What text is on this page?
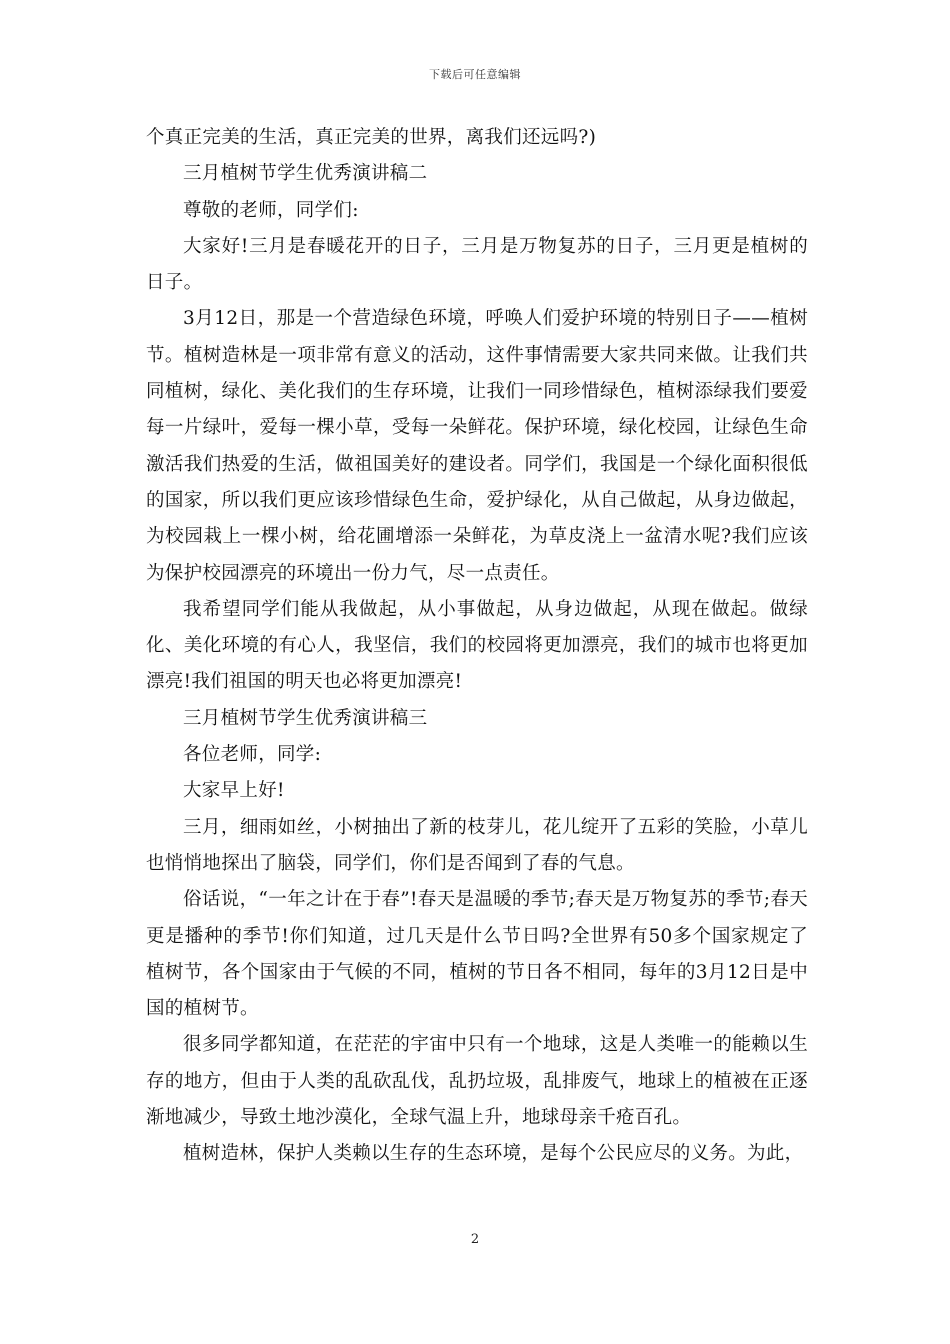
下载后可任意编辑

个真正完美的生活，真正完美的世界，离我们还远吗?)

三月植树节学生优秀演讲稿二

尊敬的老师，同学们:

大家好!三月是春暖花开的日子，三月是万物复苏的日子，三月更是植树的日子。

3月12日，那是一个营造绿色环境，呼唤人们爱护环境的特别日子——植树节。植树造林是一项非常有意义的活动，这件事情需要大家共同来做。让我们共同植树，绿化、美化我们的生存环境，让我们一同珍惜绿色，植树添绿我们要爱每一片绿叶，爱每一棵小草，受每一朵鲜花。保护环境，绿化校园，让绿色生命激活我们热爱的生活，做祖国美好的建设者。同学们，我国是一个绿化面积很低的国家，所以我们更应该珍惜绿色生命，爱护绿化，从自己做起，从身边做起，为校园栽上一棵小树，给花圃增添一朵鲜花，为草皮浇上一盆清水呢?我们应该为保护校园漂亮的环境出一份力气，尽一点责任。

我希望同学们能从我做起，从小事做起，从身边做起，从现在做起。做绿化、美化环境的有心人，我坚信，我们的校园将更加漂亮，我们的城市也将更加漂亮!我们祖国的明天也必将更加漂亮!

三月植树节学生优秀演讲稿三

各位老师，同学:

大家早上好!

三月，细雨如丝，小树抽出了新的枝芽儿，花儿绽开了五彩的笑脸，小草儿也悄悄地探出了脑袋，同学们，你们是否闻到了春的气息。

俗话说，“一年之计在于春”!春天是温暖的季节;春天是万物复苏的季节;春天更是播种的季节!你们知道，过几天是什么节日吗?全世界有50多个国家规定了植树节，各个国家由于气候的不同，植树的节日各不相同，每年的3月12日是中国的植树节。

很多同学都知道，在茫茫的宇宙中只有一个地球，这是人类唯一的能赖以生存的地方，但由于人类的乱砍乱伐，乱扔垃圾，乱排废气，地球上的植被在正逐渐地减少，导致土地沙漠化，全球气温上升，地球母亲千疮百孔。

植树造林，保护人类赖以生存的生态环境，是每个公民应尽的义务。为此，

2
